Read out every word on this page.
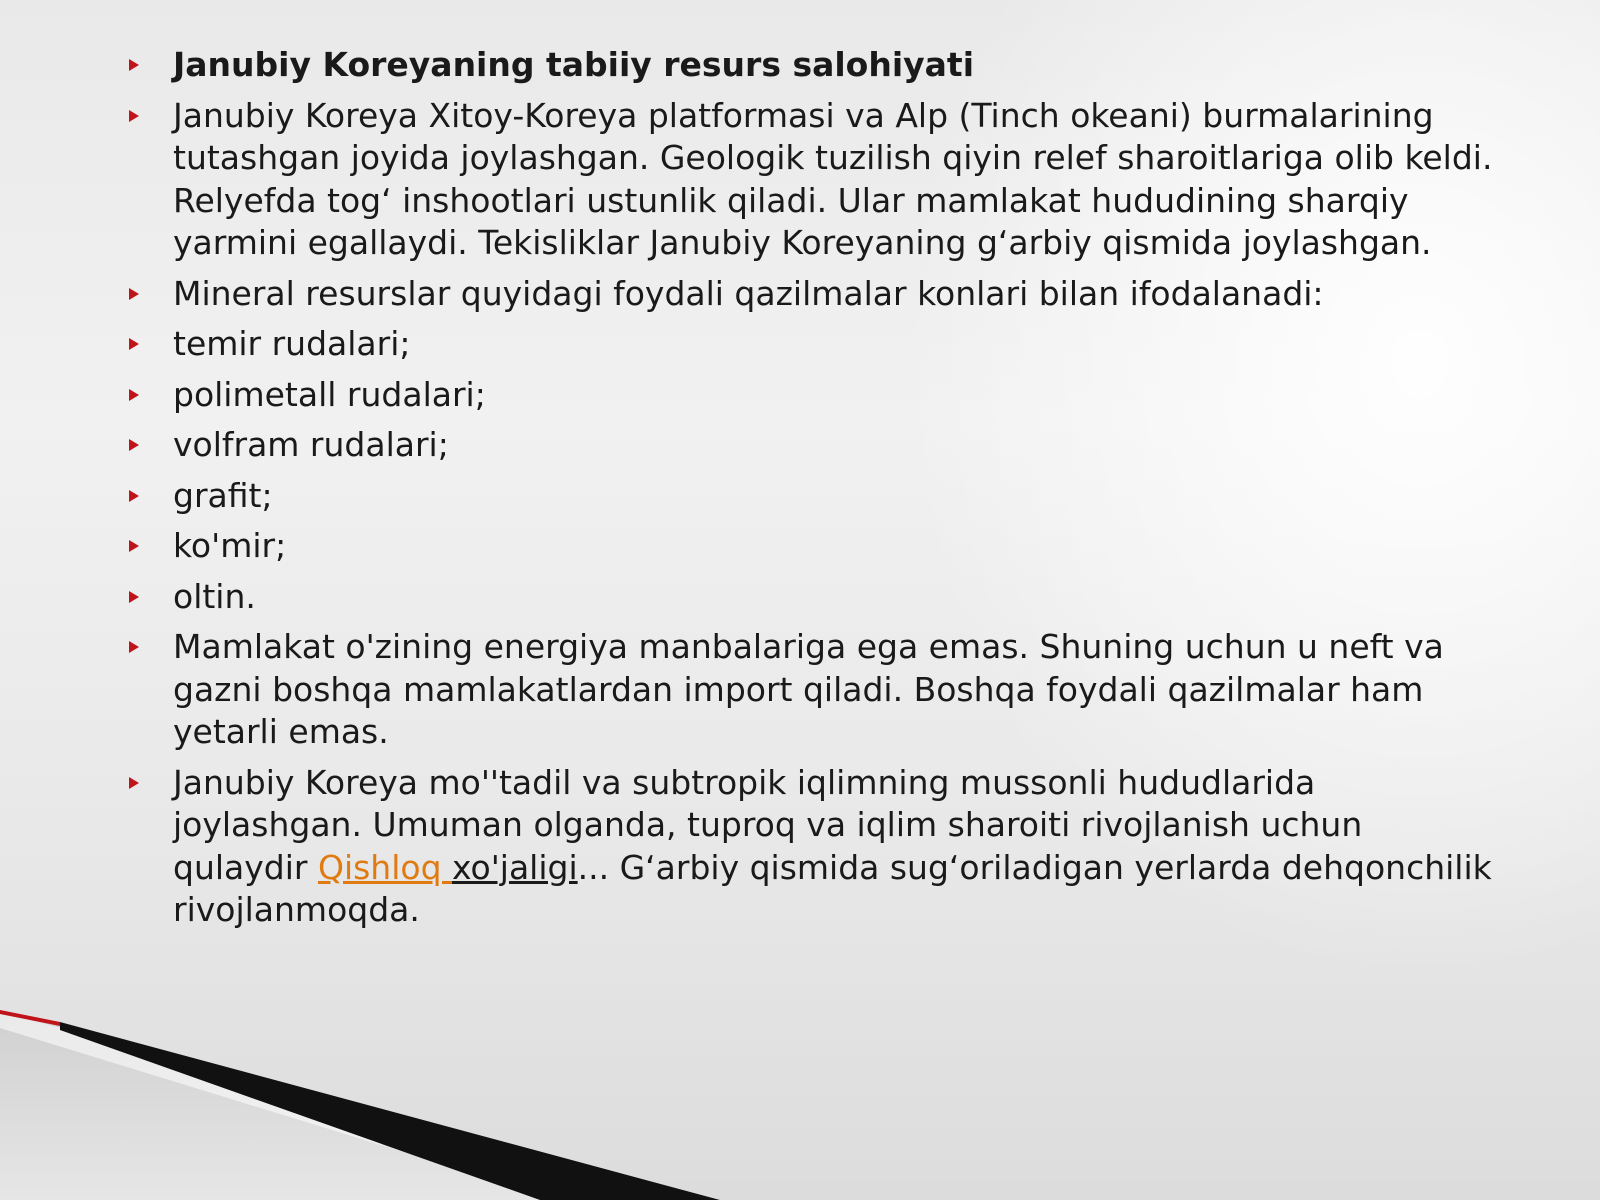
Janubiy Koreyaning tabiiy resurs salohiyati
Janubiy Koreya Xitoy-Koreya platformasi va Alp (Tinch okeani) burmalarining tutashgan joyida joylashgan. Geologik tuzilish qiyin relef sharoitlariga olib keldi. Relyefda tog‘ inshootlari ustunlik qiladi. Ular mamlakat hududining sharqiy yarmini egallaydi. Tekisliklar Janubiy Koreyaning g‘arbiy qismida joylashgan.
Mineral resurslar quyidagi foydali qazilmalar konlari bilan ifodalanadi:
temir rudalari;
polimetall rudalari;
volfram rudalari;
grafit;
ko'mir;
oltin.
Mamlakat o'zining energiya manbalariga ega emas. Shuning uchun u neft va gazni boshqa mamlakatlardan import qiladi. Boshqa foydali qazilmalar ham yetarli emas.
Janubiy Koreya mo''tadil va subtropik iqlimning mussonli hududlarida joylashgan. Umuman olganda, tuproq va iqlim sharoiti rivojlanish uchun qulaydir Qishloq xo'jaligi... G‘arbiy qismida sug‘oriladigan yerlarda dehqonchilik rivojlanmoqda.
